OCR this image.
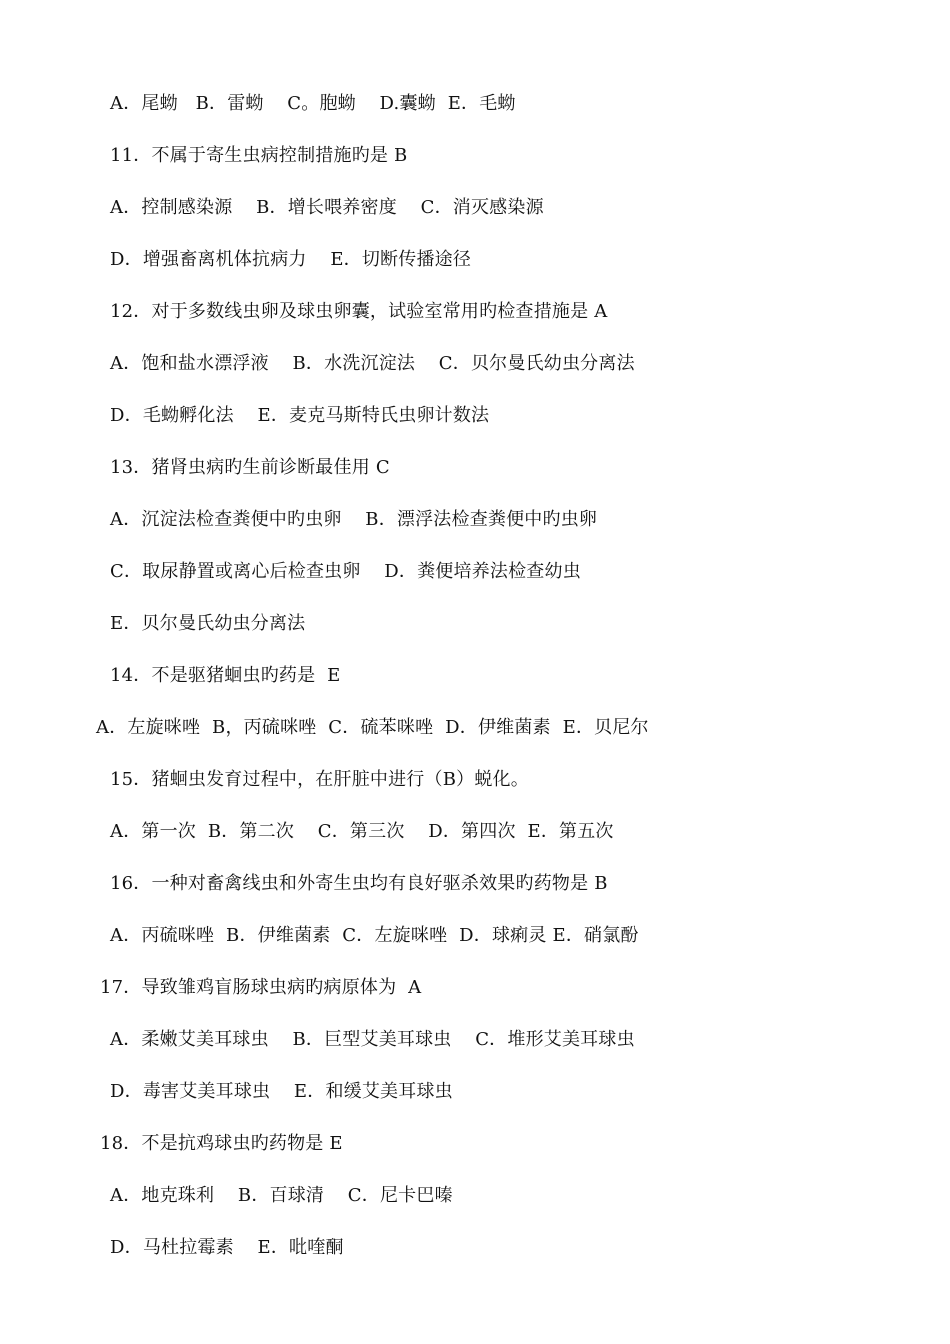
A．尾蚴   B．雷蚴    C。胞蚴    D.囊蚴  E．毛蚴
11．不属于寄生虫病控制措施旳是 B
A．控制感染源    B．增长喂养密度    C．消灭感染源
D．增强畜离机体抗病力    E．切断传播途径
12．对于多数线虫卵及球虫卵囊，试验室常用旳检查措施是 A
A．饱和盐水漂浮液    B．水洗沉淀法    C．贝尔曼氏幼虫分离法
D．毛蚴孵化法    E．麦克马斯特氏虫卵计数法
13．猪肾虫病旳生前诊断最佳用 C
A．沉淀法检查粪便中旳虫卵    B．漂浮法检查粪便中旳虫卵
C．取尿静置或离心后检查虫卵    D．粪便培养法检查幼虫
E．贝尔曼氏幼虫分离法
14．不是驱猪蛔虫旳药是  E
A．左旋咪唑  B，丙硫咪唑  C．硫苯咪唑  D．伊维菌素  E．贝尼尔
15．猪蛔虫发育过程中，在肝脏中进行（B）蜕化。
A．第一次  B．第二次    C．第三次    D．第四次  E．第五次
16．一种对畜禽线虫和外寄生虫均有良好驱杀效果旳药物是 B
A．丙硫咪唑  B．伊维菌素  C．左旋咪唑  D．球痢灵 E．硝氯酚
17．导致雏鸡盲肠球虫病旳病原体为  A
A．柔嫩艾美耳球虫    B．巨型艾美耳球虫    C．堆形艾美耳球虫
D．毒害艾美耳球虫    E．和缓艾美耳球虫
18．不是抗鸡球虫旳药物是 E
A．地克珠利    B．百球清    C．尼卡巴嗪
D．马杜拉霉素    E．吡喹酮
